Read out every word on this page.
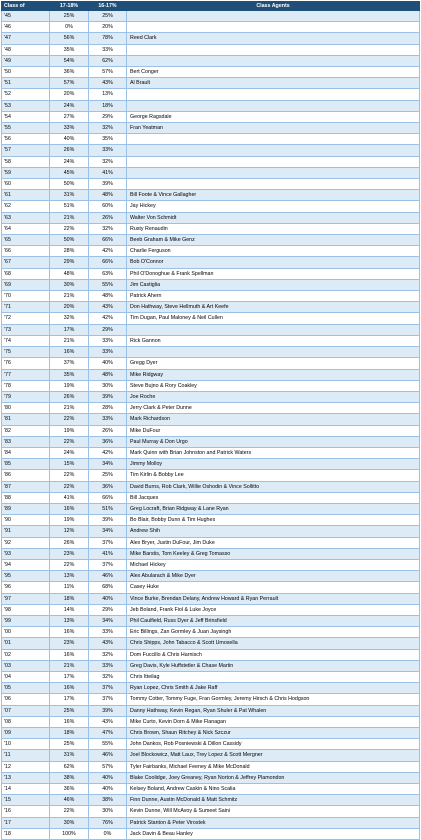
Class of	17-18%	16-17%	Class Agents
'45	25%	25%	
'46	0%	20%	
'47	56%	78%	Reed Clark
'48	35%	33%	
'49	54%	62%	
'50	36%	57%	Bert Conger
'51	57%	43%	Al Brault
'52	20%	13%	
'53	24%	18%	
'54	27%	29%	George Ragsdale
'55	33%	32%	Fran Yeatman
'56	40%	35%	
'57	26%	33%	
'58	24%	32%	
'59	45%	41%	
'60	50%	39%	
'61	31%	48%	Bill Foote & Vince Gallagher
'62	51%	60%	Jay Hickey
'63	21%	26%	Walter Von Schmidt
'64	22%	32%	Rusty Renaudin
'65	50%	66%	Beeb Graham & Mike Genz
'66	28%	42%	Charlie Ferguson
'67	29%	66%	Bob O'Connor
'68	48%	63%	Phil O'Donoghue & Frank Spellman
'69	30%	55%	Jim Castiglia
'70	21%	48%	Patrick Ahern
'71	20%	43%	Don Hathway, Steve Hellmuth & Art Keefe
'72	32%	42%	Tim Dugan, Paul Maloney & Neil Cullen
'73	17%	29%	
'74	21%	33%	Rick Gannon
'75	16%	33%	
'76	37%	40%	Gregg Dyer
'77	35%	48%	Mike Ridgway
'78	19%	30%	Steve Bujno & Rory Coakley
'79	26%	39%	Joe Roche
'80	21%	28%	Jerry Clark & Peter Dunne
'81	22%	33%	Mark Richardson
'82	19%	26%	Mike DuFour
'83	22%	36%	Paul Murray & Don Urgo
'84	24%	42%	Mark Quinn with Brian Johnston and Patrick Waters
'85	15%	34%	Jimmy Molloy
'86	22%	25%	Tim Kirlin & Bobby Lee
'87	22%	36%	David Burns, Rob Clark, Willie Oshodin & Vince Sollitto
'88	41%	66%	Bill Jacques
'89	16%	51%	Greg Locraft, Brian Ridgway & Lane Ryan
'90	19%	39%	Bo Blair, Bobby Dunn & Tim Hughes
'91	12%	34%	Andrew Shih
'92	26%	37%	Alex Bryer, Justin DuFour, Jim Duke
'93	23%	41%	Mike Barstis, Tom Keeley & Greg Tomasso
'94	22%	37%	Michael Hickey
'95	13%	46%	Alex Abularach & Mike Dyer
'96	11%	68%	Casey Huke
'97	18%	40%	Vince Burke, Brendan Delany, Andrew Howard & Ryan Perrault
'98	14%	29%	Jeb Boland, Frank Fiol & Luke Joyce
'99	13%	34%	Phil Caulfield, Russ Dyer & Jeff Brinsfield
'00	16%	33%	Eric Billings, Zan Gormley & Juan Jaysingh
'01	23%	43%	Chris Shipps, John Tabacco & Scott Umosella
'02	16%	32%	Dom Fuccillo & Chris Harnisch
'03	21%	33%	Greg Davis, Kyle Huffstetler & Chase Martin
'04	17%	32%	Chris Itteilag
'05	16%	37%	Ryan Lopez, Chris Smith & Jake Raff
'06	17%	37%	Tommy Cotter, Tommy Fuge, Fran Gormley, Jeremy Hirsch & Chris Hodgson
'07	25%	39%	Danny Hathway, Kevin Regan, Ryan Shuler & Pat Whalen
'08	16%	43%	Mike Curto, Kevin Dorn & Mike Flanagan
'09	18%	47%	Chris Brown, Shaun Ritchey & Nick Szczur
'10	25%	55%	John Dankos, Rob Posniewski & Dillon Cassidy
'11	31%	46%	Joel Blockowicz, Matt Laux, Trey Lopez & Scott Mergner
'12	62%	57%	Tyler Fairbanks, Michael Feeney & Mike McDonald
'13	38%	40%	Blake Coolidge, Joey Greaney, Ryan Norton & Jeffrey Plamondon
'14	36%	40%	Kelsey Boland, Andrew Caskin & Nino Scalia
'15	46%	38%	Finn Dunne, Austin McDonald & Matt Schmitz
'16	22%	30%	Kevin Dunne, Will McAvoy & Sumeet Saini
'17	30%	76%	Patrick Stanton & Peter Virostek
'18	100%	0%	Jack Davin & Beau Hanley
